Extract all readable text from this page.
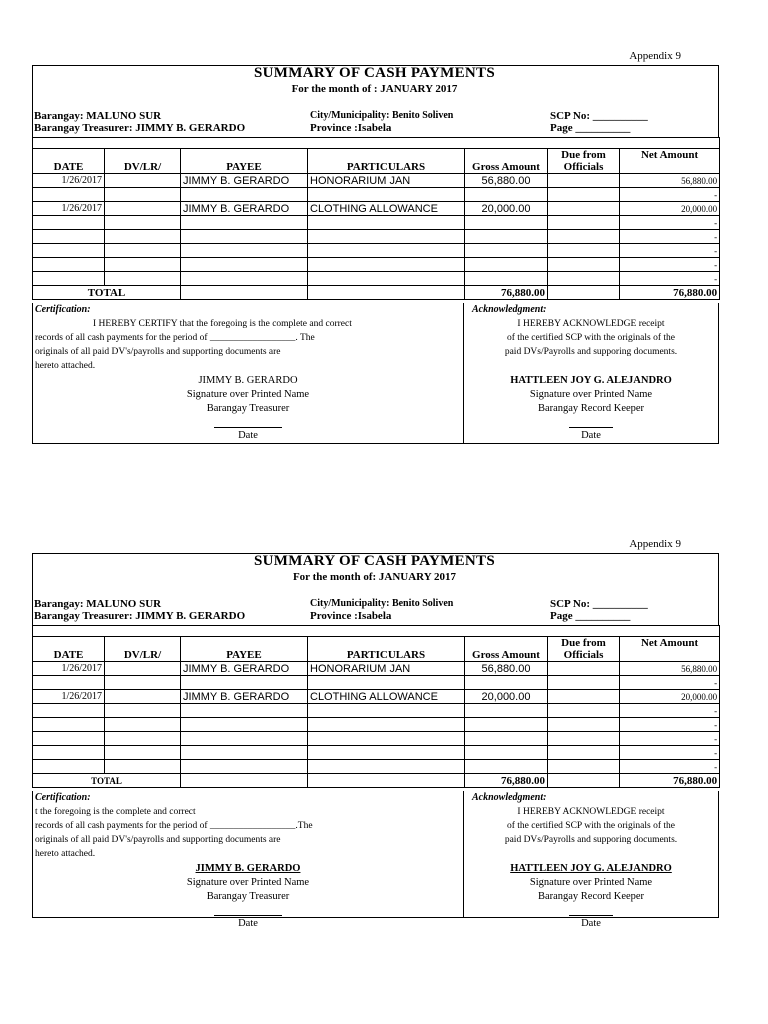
Appendix 9
SUMMARY OF CASH PAYMENTS
For the month of : JANUARY 2017
Barangay: MALUNO SUR
Barangay Treasurer: JIMMY B. GERARDO
City/Municipality: Benito Soliven
Province :Isabela
SCP No: __________
Page __________

DATE	DV/LR/	PAYEE	PARTICULARS	Gross Amount	Due from Officials	Net Amount
1/26/2017		JIMMY B. GERARDO	HONORARIUM JAN	56,880.00		56,880.00
						-
1/26/2017		JIMMY B. GERARDO	CLOTHING ALLOWANCE	20,000.00		20,000.00
						-
						-
						-
						-
						-
TOTAL				76,880.00		76,880.00
Certification:
I HEREBY CERTIFY that the foregoing is the complete and correct
records of all cash payments for the period of __________________. The
originals of all paid DV's/payrolls and supporting documents are
hereto attached.
JIMMY B. GERARDO
Signature over Printed Name
Barangay Treasurer
Date
Acknowledgment:
I HEREBY ACKNOWLEDGE receipt
of the certified SCP with the originals of the
paid DVs/Payrolls and supporing documents.
HATTLEEN JOY G. ALEJANDRO
Signature over Printed Name
Barangay Record Keeper
Date
Appendix 9
SUMMARY OF CASH PAYMENTS
For the month of: JANUARY 2017
Barangay: MALUNO SUR
Barangay Treasurer: JIMMY B. GERARDO
City/Municipality: Benito Soliven
Province :Isabela
SCP No: __________
Page __________

DATE	DV/LR/	PAYEE	PARTICULARS	Gross Amount	Due from Officials	Net Amount
1/26/2017		JIMMY B. GERARDO	HONORARIUM JAN	56,880.00		56,880.00
						-
1/26/2017		JIMMY B. GERARDO	CLOTHING ALLOWANCE	20,000.00		20,000.00
						-
						-
						-
						-
						-
TOTAL				76,880.00		76,880.00
Certification:
t the foregoing is the complete and correct
records of all cash payments for the period of __________________.The
originals of all paid DV's/payrolls and supporting documents are
hereto attached.
JIMMY B. GERARDO
Signature over Printed Name
Barangay Treasurer
Date
Acknowledgment:
I HEREBY ACKNOWLEDGE receipt
of the certified SCP with the originals of the
paid DVs/Payrolls and supporing documents.
HATTLEEN JOY G. ALEJANDRO
Signature over Printed Name
Barangay Record Keeper
Date
